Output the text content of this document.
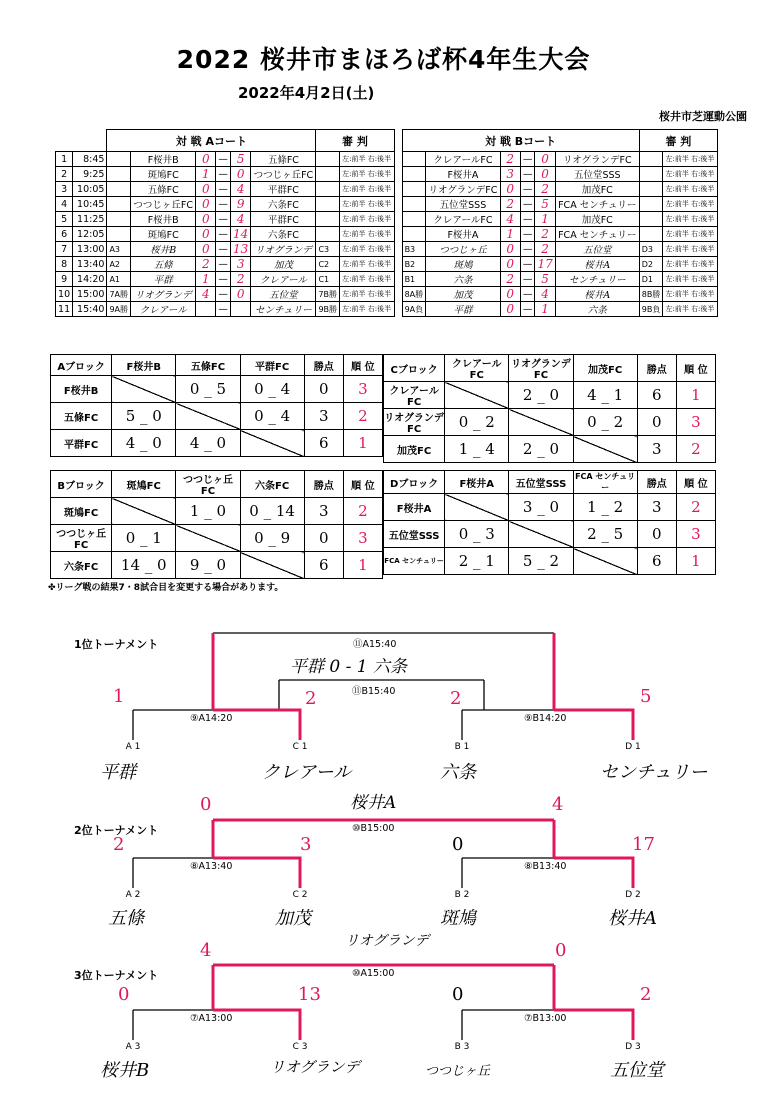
2022 桜井市まほろば杯4年生大会
2022年4月2日(土)
桜井市芝運動公園
		対 戦 Aコート						審 判			対 戦 Bコート						審 判	
1	8:45		F桜井B	0	—	5	五條FC		左:前半 右:後半			クレアールFC	2	—	0	リオグランデFC		左:前半 右:後半
2	9:25		斑鳩FC	1	—	0	つつじヶ丘FC		左:前半 右:後半			F桜井A	3	—	0	五位堂SSS		左:前半 右:後半
3	10:05		五條FC	0	—	4	平群FC		左:前半 右:後半			リオグランデFC	0	—	2	加茂FC		左:前半 右:後半
4	10:45		つつじヶ丘FC	0	—	9	六条FC		左:前半 右:後半			五位堂SSS	2	—	5	FCA センチュリー		左:前半 右:後半
5	11:25		F桜井B	0	—	4	平群FC		左:前半 右:後半			クレアールFC	4	—	1	加茂FC		左:前半 右:後半
6	12:05		斑鳩FC	0	—	14	六条FC		左:前半 右:後半			F桜井A	1	—	2	FCA センチュリー		左:前半 右:後半
7	13:00	A3	桜井B	0	—	13	リオグランデ	C3	左:前半 右:後半		B3	つつじヶ丘	0	—	2	五位堂	D3	左:前半 右:後半
8	13:40	A2	五條	2	—	3	加茂	C2	左:前半 右:後半		B2	斑鳩	0	—	17	桜井A	D2	左:前半 右:後半
9	14:20	A1	平群	1	—	2	クレアール	C1	左:前半 右:後半		B1	六条	2	—	5	センチュリー	D1	左:前半 右:後半
10	15:00	7A勝	リオグランデ	4	—	0	五位堂	7B勝	左:前半 右:後半		8A勝	加茂	0	—	4	桜井A	8B勝	左:前半 右:後半
11	15:40	9A勝	クレアール		—		センチュリー	9B勝	左:前半 右:後半		9A負	平群	0	—	1	六条	9B負	左:前半 右:後半
Aブロック	F桜井B	五條FC	平群FC	勝点	順 位
F桜井B		0 _ 5	0 _ 4	0	3
五條FC	5 _ 0		0 _ 4	3	2
平群FC	4 _ 0	4 _ 0		6	1
Cブロック	クレアールFC	リオグランデFC	加茂FC	勝点	順 位
クレアールFC		2 _ 0	4 _ 1	6	1
リオグランデFC	0 _ 2		0 _ 2	0	3
加茂FC	1 _ 4	2 _ 0		3	2
Bブロック	斑鳩FC	つつじヶ丘FC	六条FC	勝点	順 位
斑鳩FC		1 _ 0	0 _ 14	3	2
つつじヶ丘FC	0 _ 1		0 _ 9	0	3
六条FC	14 _ 0	9 _ 0		6	1
Dブロック	F桜井A	五位堂SSS	FCA センチュリー	勝点	順 位
F桜井A		3 _ 0	1 _ 2	3	2
五位堂SSS	0 _ 3		2 _ 5	0	3
FCA センチュリー	2 _ 1	5 _ 2		6	1
✤リーグ戦の結果7・8試合目を変更する場合があります。
1位トーナメント	⑪A15:40
平群 0 - 1 六条
⑪B15:40
⑨A14:20	⑨B14:20
1	2	2	5
A 1	C 1	B 1	D 1
平群	クレアール	六条	センチュリー
桜井A
0	4
⑩B15:00
2位トーナメント
2	3	0	17
⑧A13:40	⑧B13:40
A 2	C 2	B 2	D 2
五條	加茂	斑鳩	桜井A
リオグランデ
4	0
3位トーナメント	⑩A15:00
0	13	0	2
⑦A13:00	⑦B13:00
A 3	C 3	B 3	D 3
桜井B	リオグランデ	つつじヶ丘	五位堂
